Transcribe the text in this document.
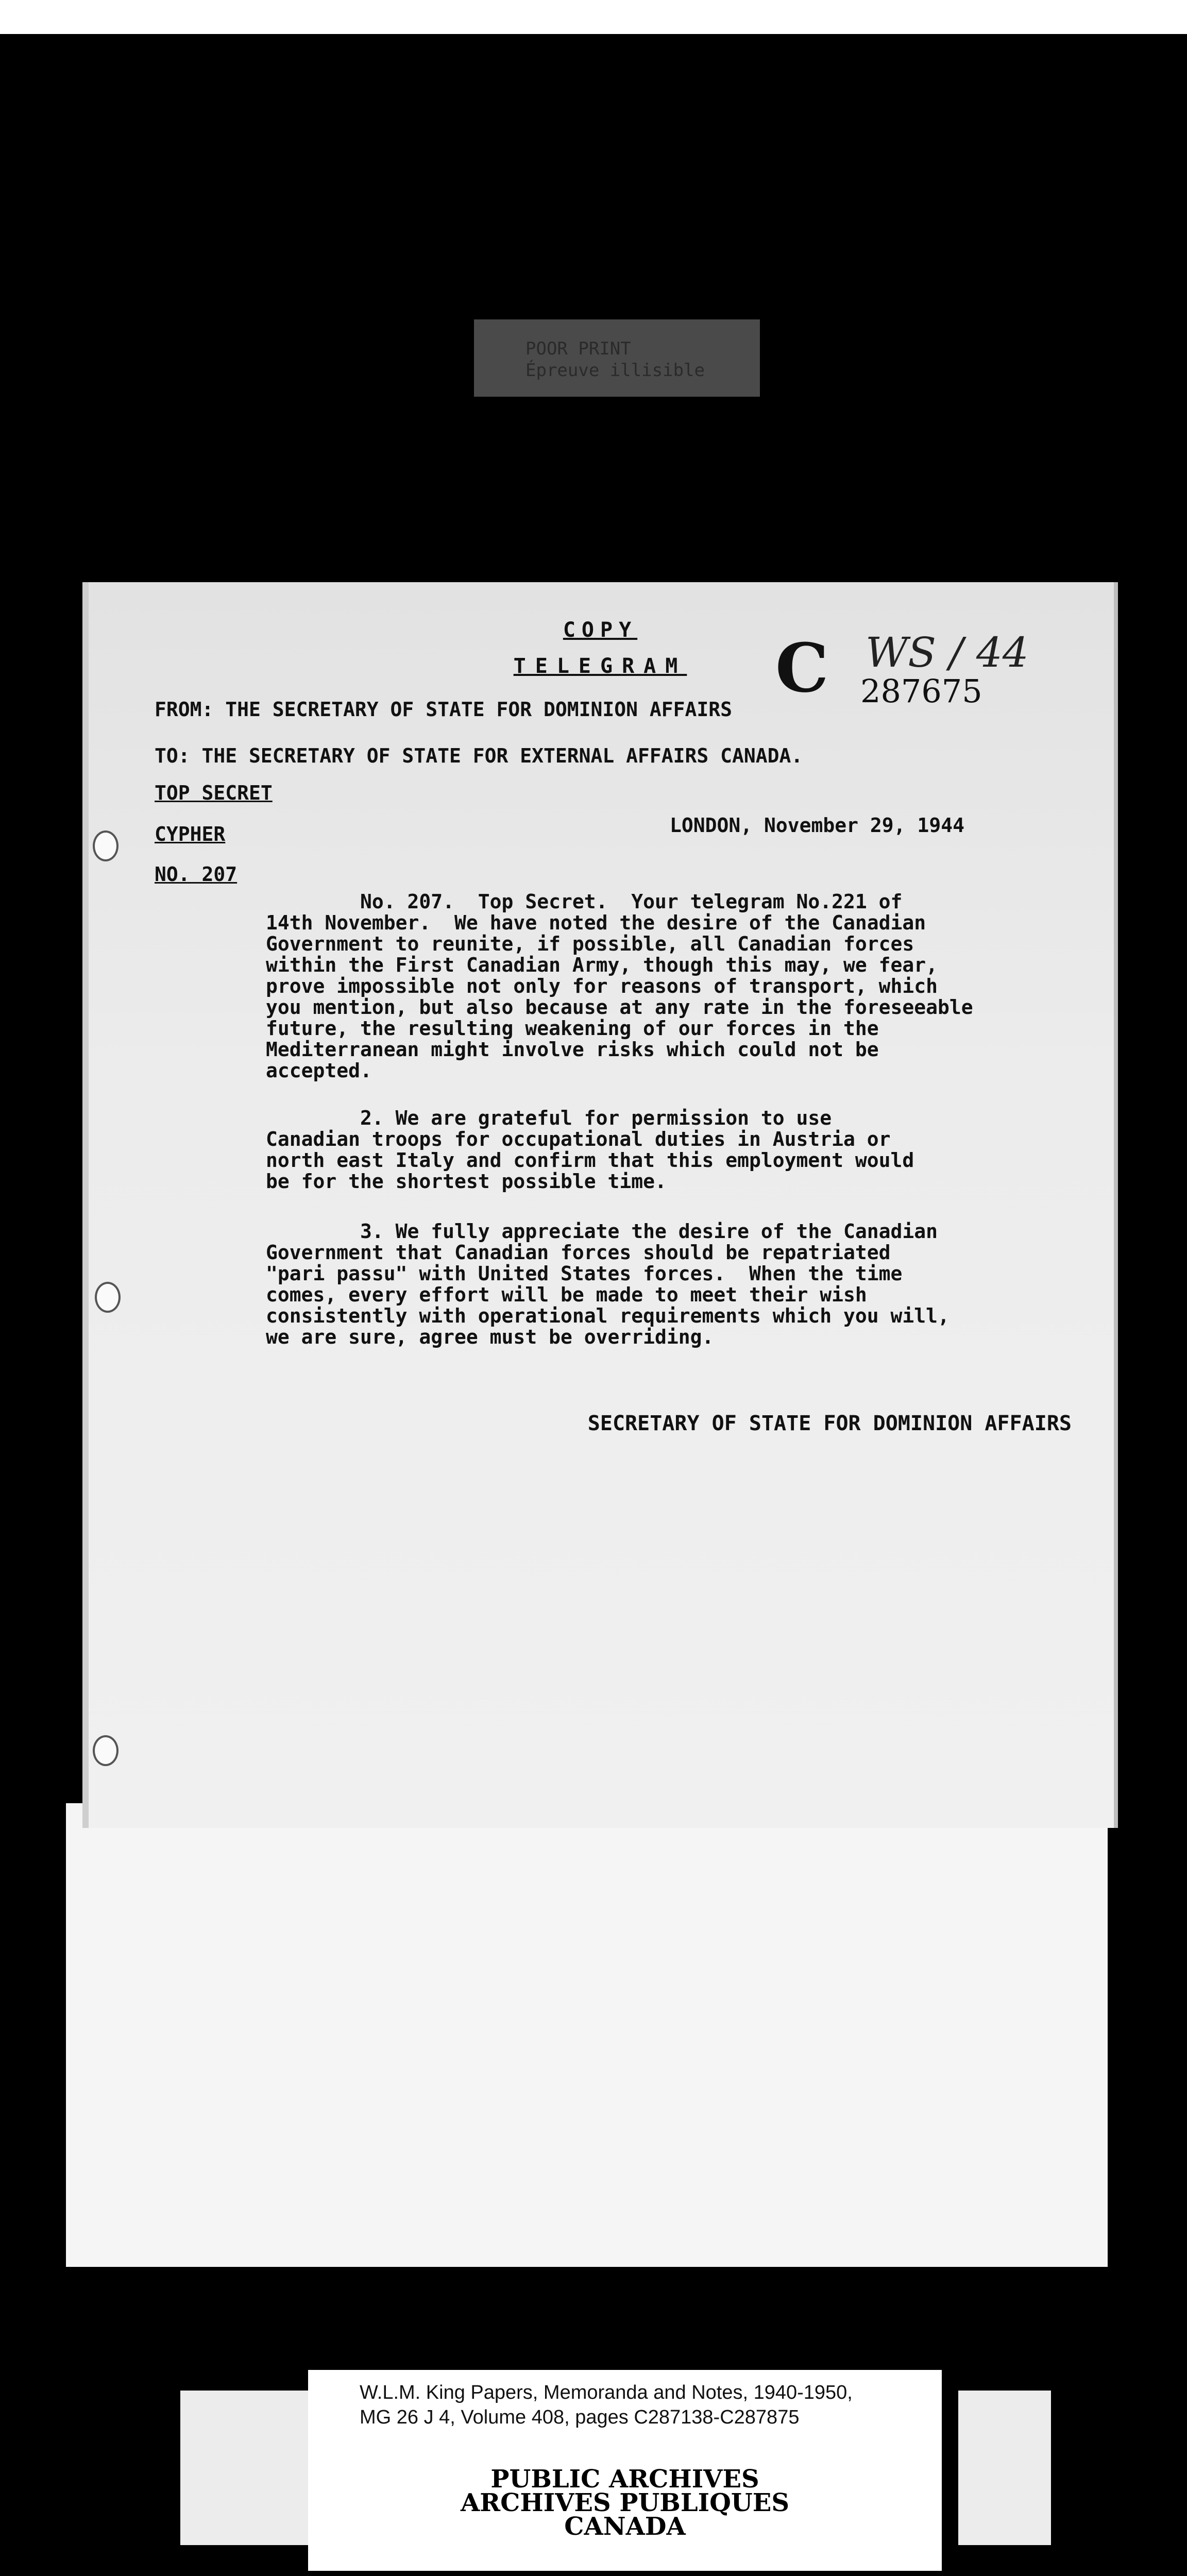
POOR PRINT
Épreuve illisible
COPY
TELEGRAM	C WS / 44
287675
FROM: THE SECRETARY OF STATE FOR DOMINION AFFAIRS
TO: THE SECRETARY OF STATE FOR EXTERNAL AFFAIRS CANADA.
TOP SECRET
LONDON, November 29, 1944
CYPHER
NO. 207
No. 207.  Top Secret.  Your telegram No.221 of
14th November.  We have noted the desire of the Canadian
Government to reunite, if possible, all Canadian forces
within the First Canadian Army, though this may, we fear,
prove impossible not only for reasons of transport, which
you mention, but also because at any rate in the foreseeable
future, the resulting weakening of our forces in the
Mediterranean might involve risks which could not be
accepted.
2. We are grateful for permission to use
Canadian troops for occupational duties in Austria or
north east Italy and confirm that this employment would
be for the shortest possible time.
3. We fully appreciate the desire of the Canadian
Government that Canadian forces should be repatriated
"pari passu" with United States forces.  When the time
comes, every effort will be made to meet their wish
consistently with operational requirements which you will,
we are sure, agree must be overriding.
SECRETARY OF STATE FOR DOMINION AFFAIRS
W.L.M. King Papers, Memoranda and Notes, 1940-1950,
MG 26 J 4, Volume 408, pages C287138-C287875
PUBLIC ARCHIVES
ARCHIVES PUBLIQUES
CANADA
